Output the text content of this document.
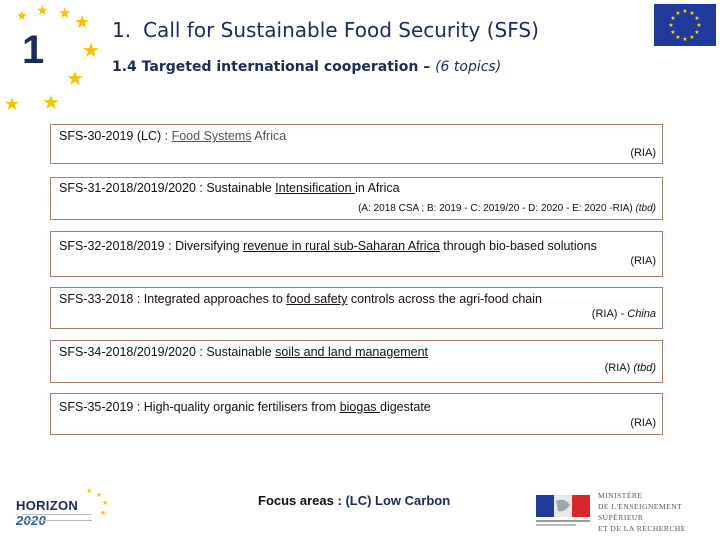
★ ★ ★ ★
★
★
★
★
1	1. Call for Sustainable Food Security (SFS)
1.4 Targeted international cooperation – (6 topics)
★ ★
★
★
★
★
★
★
★
★
★
★
SFS-30-2019 (LC) : Food Systems Africa
(RIA)
SFS-31-2018/2019/2020 : Sustainable Intensification in Africa
(A: 2018 CSA ; B: 2019 - C: 2019/20 - D: 2020 - E: 2020 -RIA) (tbd)
SFS-32-2018/2019 : Diversifying revenue in rural sub-Saharan Africa through bio-based solutions
(RIA)
SFS-33-2018 : Integrated approaches to food safety controls across the agri-food chain
(RIA) - China
SFS-34-2018/2019/2020 : Sustainable soils and land management
(RIA) (tbd)
SFS-35-2019 : High-quality organic fertilisers from biogas digestate
(RIA)
★ ★
★
★
HORIZON 2020
Focus areas : (LC) Low Carbon	MINISTÈRE
DE L'ENSEIGNEMENT SUPÉRIEUR
ET DE LA RECHERCHE
